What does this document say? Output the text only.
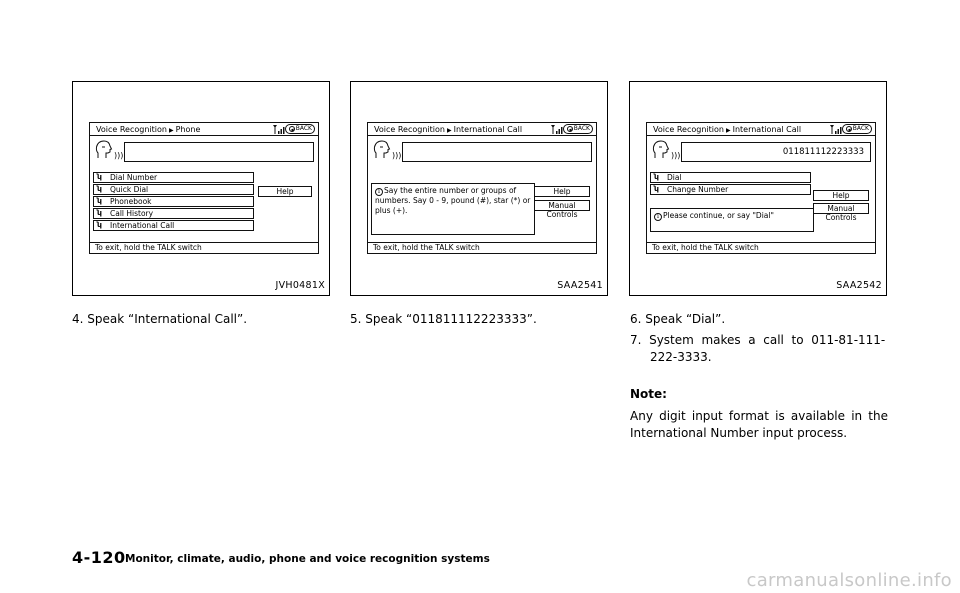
Voice Recognition ▶ Phone	◀ BACK
)))
ʮ Dial Number
ʮ Quick Dial
ʮ Phonebook
ʮ Call History
ʮ International Call
Help
To exit, hold the TALK switch
JVH0481X
Voice Recognition ▶ International Call	◀ BACK
)))
i Say the entire number or groups of numbers. Say 0 - 9, pound (#), star (*) or plus (+).
Help
Manual Controls
To exit, hold the TALK switch
SAA2541
Voice Recognition ▶ International Call	◀ BACK
)))	011811112223333
ʮ Dial
ʮ Change Number
i Please continue, or say "Dial"
Help
Manual Controls
To exit, hold the TALK switch
SAA2542
4. Speak “International Call”.	5. Speak “011811112223333”.	6. Speak “Dial”.
7.  System  makes  a  call  to  011-81-111-
222-3333.
Note:
Any digit input format is available in the International Number input process.
4-120 Monitor, climate, audio, phone and voice recognition systems
carmanualsonline.info
